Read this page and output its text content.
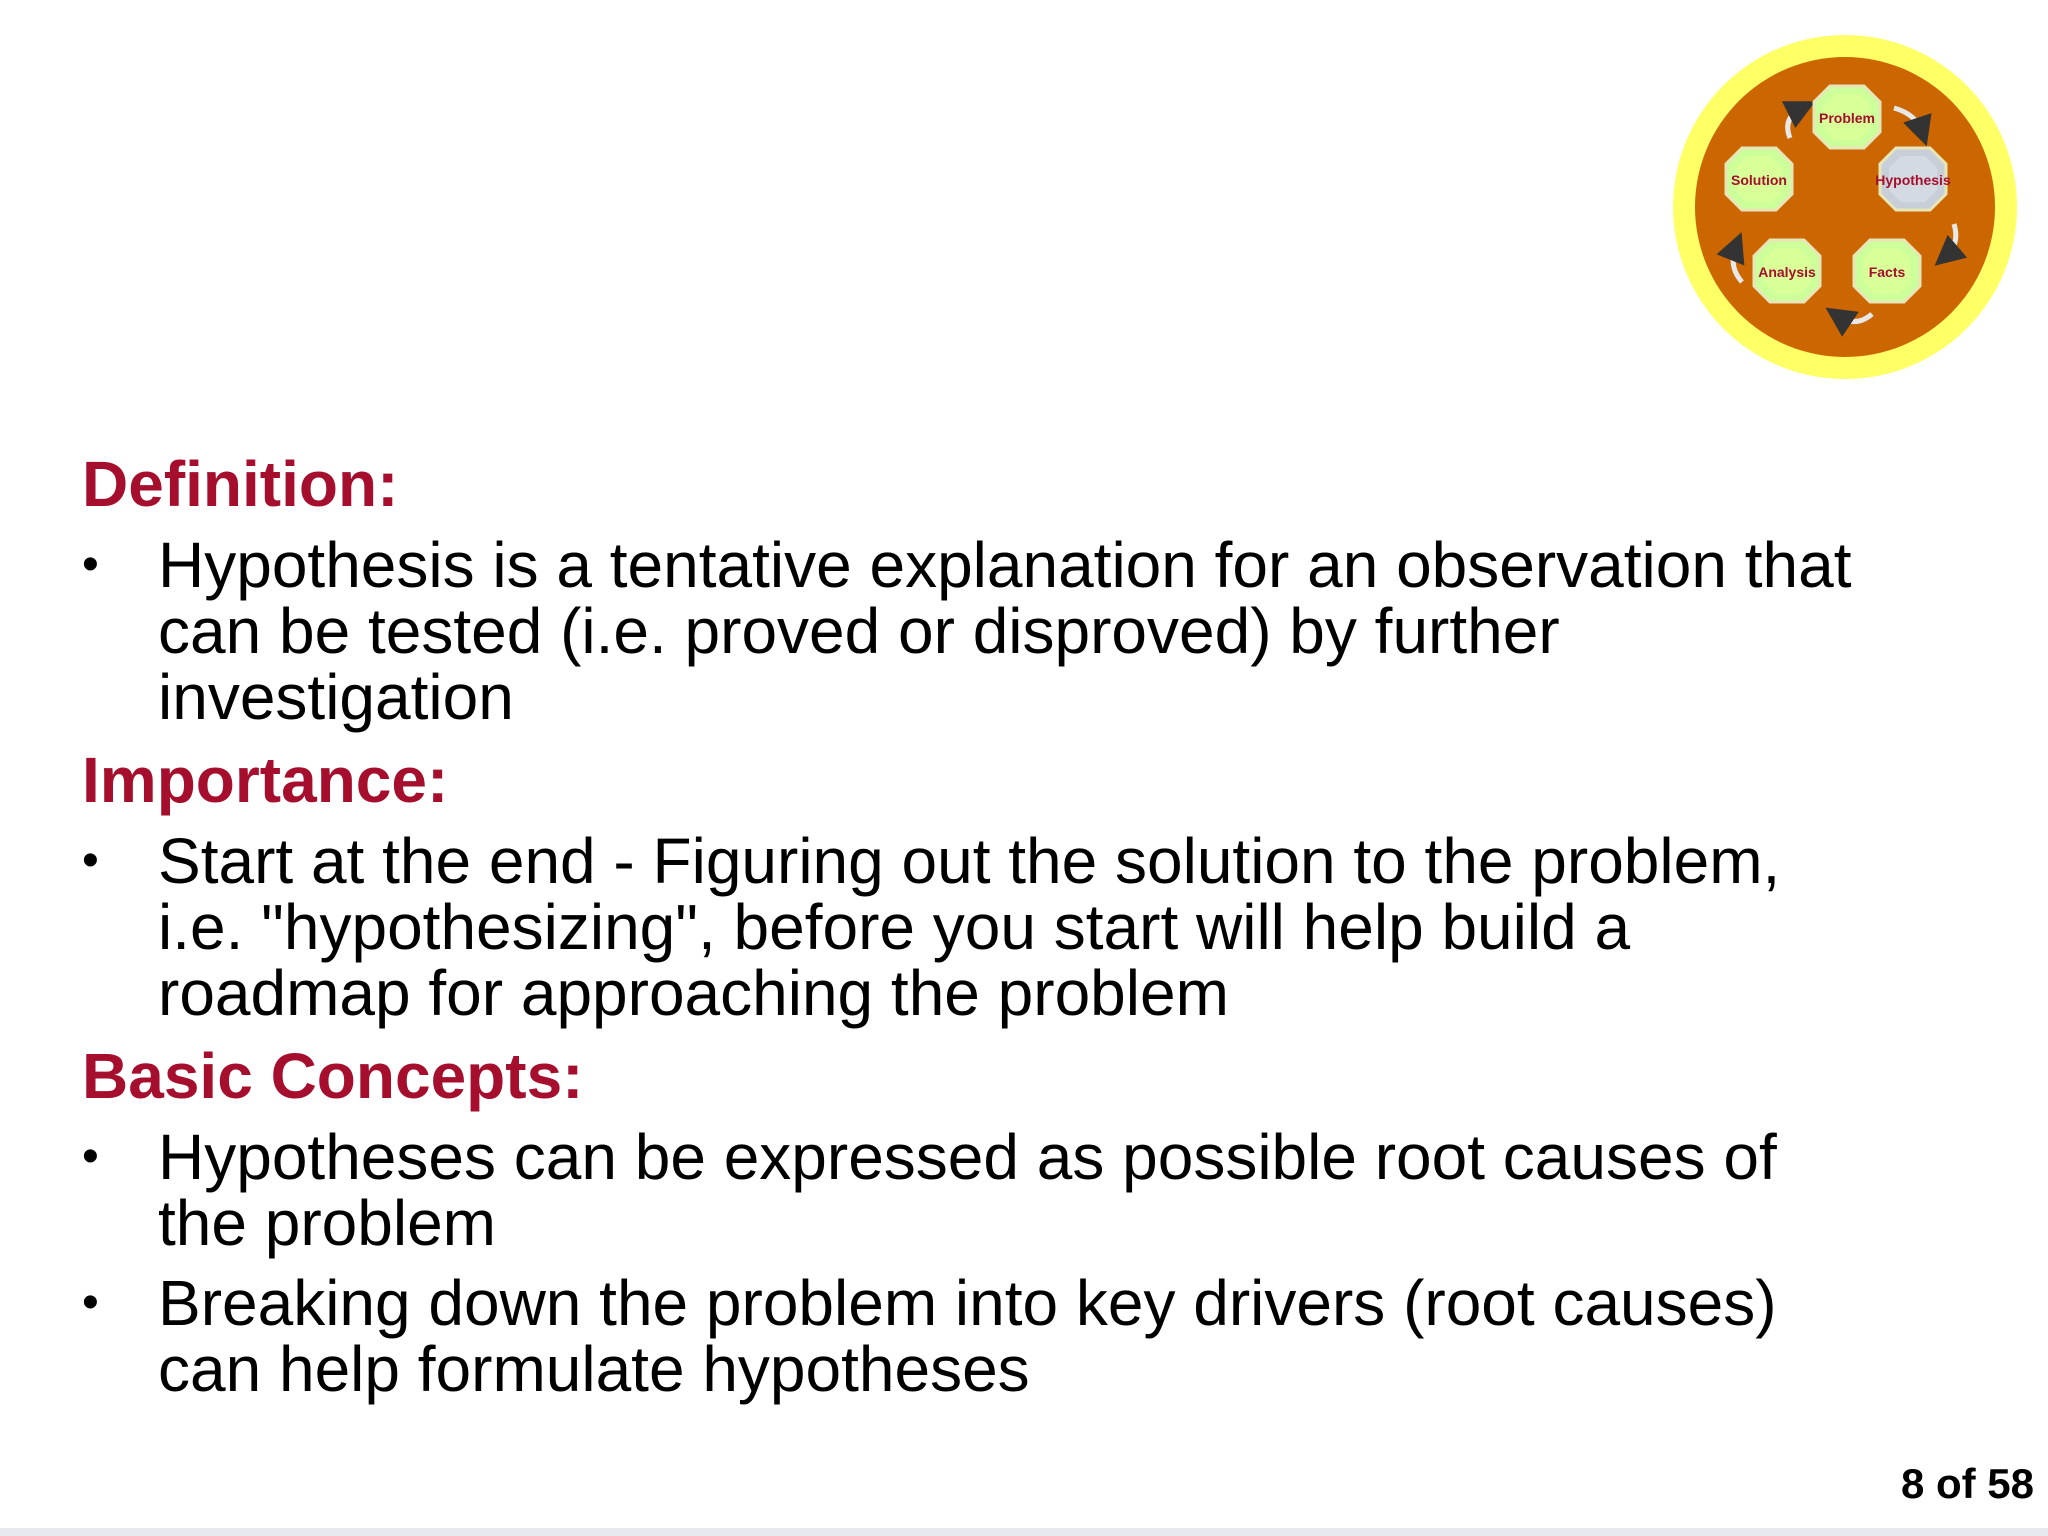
Problem
Hypothesis
Facts
Analysis
Solution
Definition:
• Hypothesis is a tentative explanation for an observation that
can be tested (i.e. proved or disproved) by further
investigation
Importance:
• Start at the end - Figuring out the solution to the problem,
i.e. "hypothesizing", before you start will help build a
roadmap for approaching the problem
Basic Concepts:
• Hypotheses can be expressed as possible root causes of
the problem
• Breaking down the problem into key drivers (root causes)
can help formulate hypotheses
8 of 58
